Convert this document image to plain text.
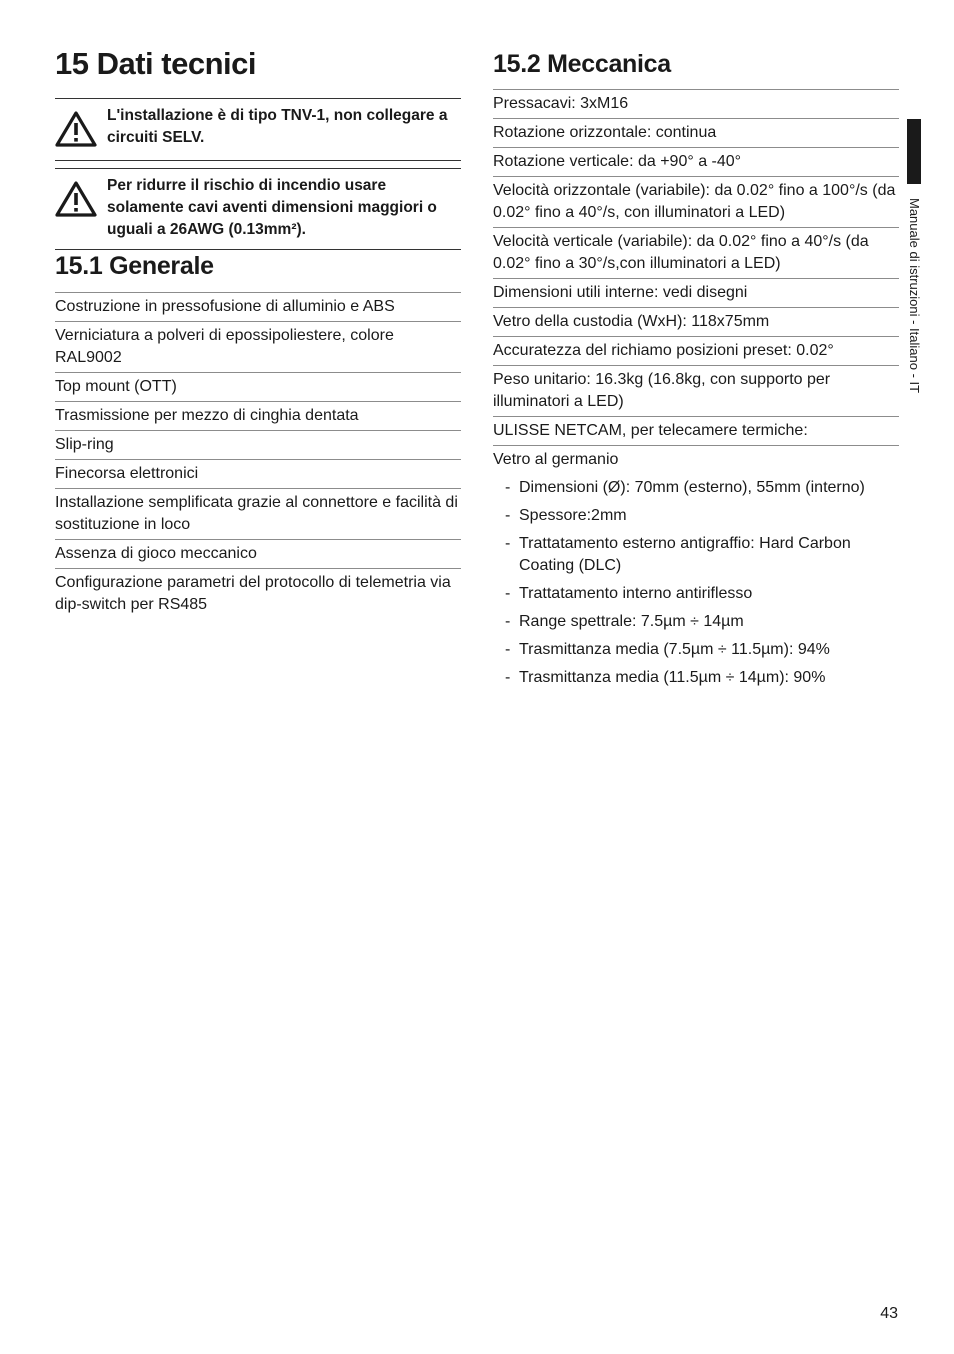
15 Dati tecnici
L'installazione è di tipo TNV-1, non collegare a circuiti SELV.
Per ridurre il rischio di incendio usare solamente cavi aventi dimensioni maggiori o uguali a 26AWG (0.13mm²).
15.1 Generale
Costruzione in pressofusione di alluminio e ABS
Verniciatura a polveri di epossipoliestere, colore RAL9002
Top mount (OTT)
Trasmissione per mezzo di cinghia dentata
Slip-ring
Finecorsa elettronici
Installazione semplificata grazie al connettore e facilità di sostituzione in loco
Assenza di gioco meccanico
Configurazione parametri del protocollo di telemetria via dip-switch per RS485
15.2 Meccanica
Pressacavi: 3xM16
Rotazione orizzontale: continua
Rotazione verticale: da +90° a -40°
Velocità orizzontale (variabile): da 0.02° fino a 100°/s (da 0.02° fino a 40°/s, con illuminatori a LED)
Velocità verticale (variabile): da 0.02° fino a 40°/s (da 0.02° fino a 30°/s,con illuminatori a LED)
Dimensioni utili interne: vedi disegni
Vetro della custodia (WxH): 118x75mm
Accuratezza del richiamo posizioni preset: 0.02°
Peso unitario: 16.3kg (16.8kg, con supporto per illuminatori a LED)
ULISSE NETCAM, per telecamere termiche:
Vetro al germanio
- Dimensioni (Ø): 70mm (esterno), 55mm (interno)
- Spessore:2mm
- Trattatamento esterno antigraffio: Hard Carbon Coating (DLC)
- Trattatamento interno antiriflesso
- Range spettrale: 7.5µm ÷ 14µm
- Trasmittanza media (7.5µm ÷ 11.5µm): 94%
- Trasmittanza media (11.5µm ÷ 14µm): 90%
Manuale di istruzioni - Italiano - IT
43
